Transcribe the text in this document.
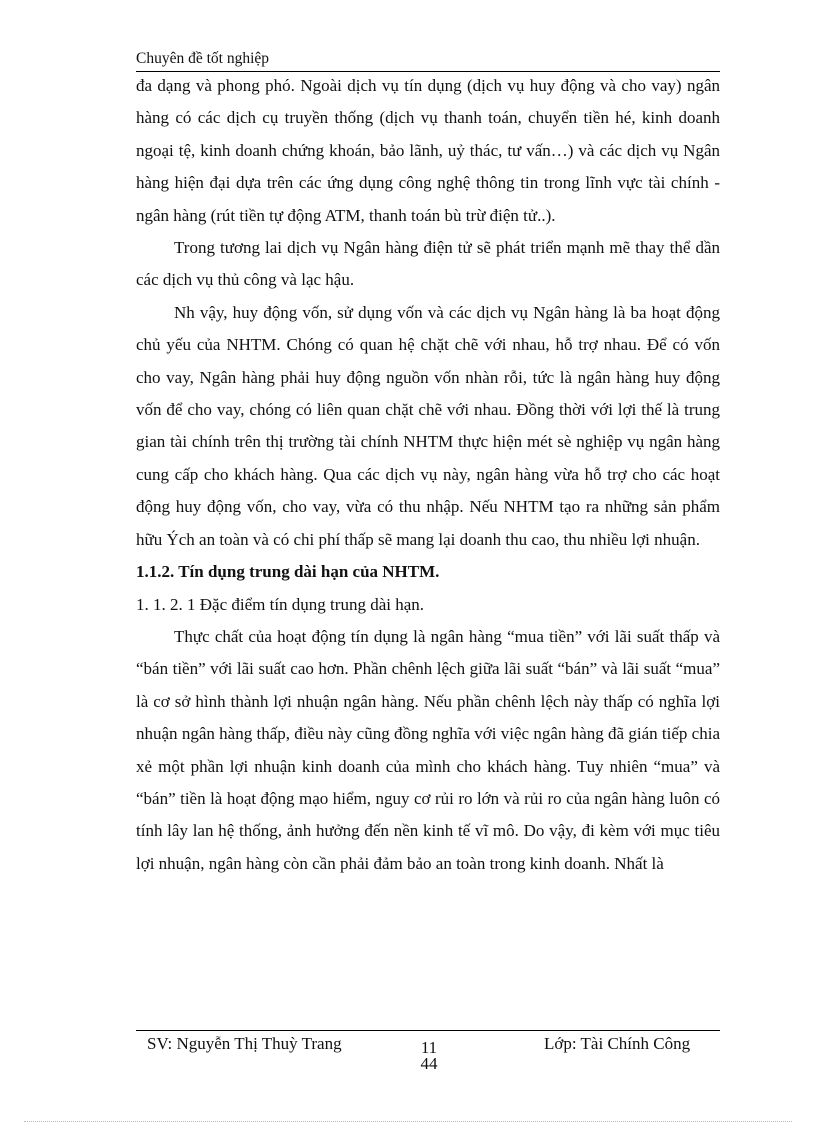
Chuyên đề tốt nghiệp

đa dạng và phong phó. Ngoài dịch vụ tín dụng (dịch vụ huy động và cho vay) ngân hàng có các dịch cụ truyền thống (dịch vụ thanh toán, chuyển tiền hé, kinh doanh ngoại tệ, kinh doanh chứng khoán, bảo lãnh, uỷ thác, tư vấn…) và các dịch vụ Ngân hàng hiện đại dựa trên các ứng dụng công nghệ thông tin trong lĩnh vực tài chính - ngân hàng (rút tiền tự động ATM, thanh toán bù trừ điện tử..).

Trong tương lai dịch vụ Ngân hàng điện tử sẽ phát triển mạnh mẽ thay thể dần các dịch vụ thủ công và lạc hậu.

Nh vậy, huy động vốn, sử dụng vốn và các dịch vụ Ngân hàng là ba hoạt động chủ yếu của NHTM. Chóng có quan hệ chặt chẽ với nhau, hỗ trợ nhau. Để có vốn cho vay, Ngân hàng phải huy động nguồn vốn nhàn rỗi, tức là ngân hàng huy động vốn để cho vay, chóng có liên quan chặt chẽ với nhau. Đồng thời với lợi thế là trung gian tài chính trên thị trường tài chính NHTM thực hiện mét sè nghiệp vụ ngân hàng cung cấp cho khách hàng. Qua các dịch vụ này, ngân hàng vừa hỗ trợ cho các hoạt động huy động vốn, cho vay, vừa có thu nhập. Nếu NHTM tạo ra những sản phẩm hữu Ých an toàn và có chi phí thấp sẽ mang lại doanh thu cao, thu nhiều lợi nhuận.

1.1.2. Tín dụng trung dài hạn của NHTM.

1. 1. 2. 1 Đặc điểm tín dụng trung dài hạn.

Thực chất của hoạt động tín dụng là ngân hàng “mua tiền” với lãi suất thấp và “bán tiền” với lãi suất cao hơn. Phần chênh lệch giữa lãi suất “bán” và lãi suất “mua” là cơ sở hình thành lợi nhuận ngân hàng. Nếu phần chênh lệch này thấp có nghĩa lợi nhuận ngân hàng thấp, điều này cũng đồng nghĩa với việc ngân hàng đã gián tiếp chia xẻ một phần lợi nhuận kinh doanh của mình cho khách hàng. Tuy nhiên “mua” và “bán” tiền là hoạt động mạo hiểm, nguy cơ rủi ro lớn và rủi ro của ngân hàng luôn có tính lây lan hệ thống, ảnh hưởng đến nền kinh tế vĩ mô. Do vậy, đi kèm với mục tiêu lợi nhuận, ngân hàng còn cần phải đảm bảo an toàn trong kinh doanh. Nhất là

SV: Nguyễn Thị Thuỳ Trang	11
44
Lớp: Tài Chính Công
